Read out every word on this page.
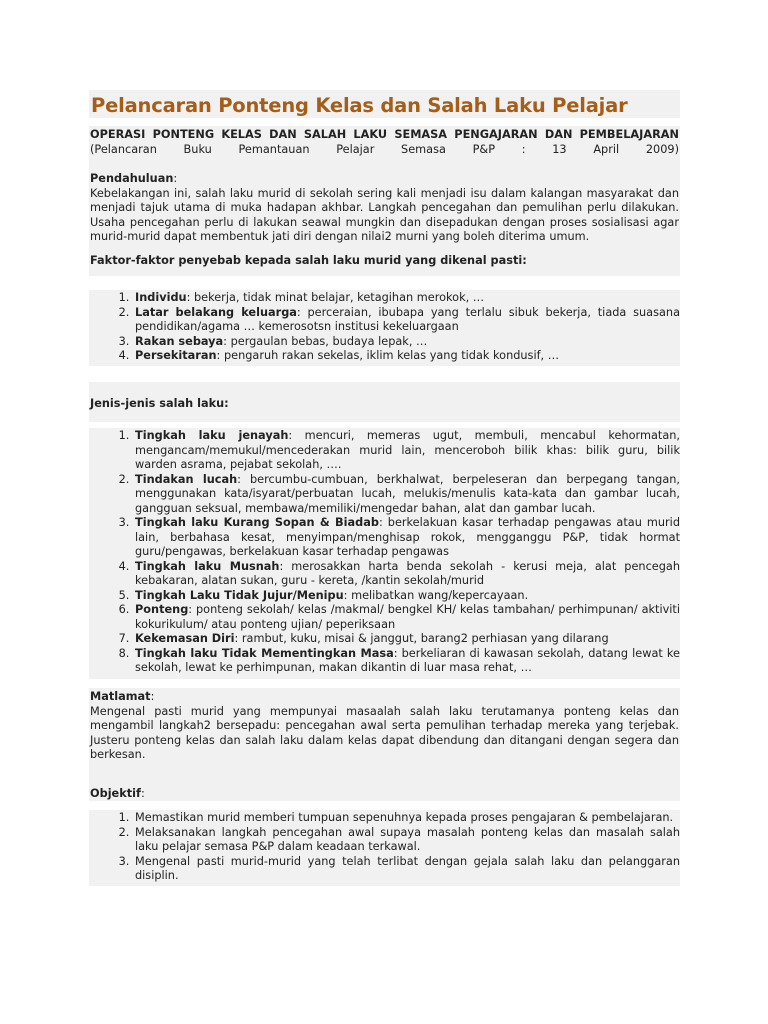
Pelancaran Ponteng Kelas dan Salah Laku Pelajar
OPERASI PONTENG KELAS DAN SALAH LAKU SEMASA PENGAJARAN DAN PEMBELAJARAN
(Pelancaran Buku Pemantauan Pelajar Semasa P&P : 13 April 2009)
Pendahuluan:

Kebelakangan ini, salah laku murid di sekolah sering kali menjadi isu dalam kalangan masyarakat dan menjadi tajuk utama di muka hadapan akhbar. Langkah pencegahan dan pemulihan perlu dilakukan. Usaha pencegahan perlu di lakukan seawal mungkin dan disepadukan dengan proses sosialisasi agar murid-murid dapat membentuk jati diri dengan nilai2 murni yang boleh diterima umum.

Faktor-faktor penyebab kepada salah laku murid yang dikenal pasti:
1. Individu: bekerja, tidak minat belajar, ketagihan merokok, …
2. Latar belakang keluarga: perceraian, ibubapa yang terlalu sibuk bekerja, tiada suasana pendidikan/agama … kemerosotsn institusi kekeluargaan
3. Rakan sebaya: pergaulan bebas, budaya lepak, …
4. Persekitaran: pengaruh rakan sekelas, iklim kelas yang tidak kondusif, …
Jenis-jenis salah laku:
1. Tingkah laku jenayah: mencuri, memeras ugut, membuli, mencabul kehormatan, mengancam/memukul/mencederakan murid lain, menceroboh bilik khas: bilik guru, bilik warden asrama, pejabat sekolah, ….
2. Tindakan lucah: bercumbu-cumbuan, berkhalwat, berpeleseran dan berpegang tangan, menggunakan kata/isyarat/perbuatan lucah, melukis/menulis kata-kata dan gambar lucah, gangguan seksual, membawa/memiliki/mengedar bahan, alat dan gambar lucah.
3. Tingkah laku Kurang Sopan & Biadab: berkelakuan kasar terhadap pengawas atau murid lain, berbahasa kesat, menyimpan/menghisap rokok, mengganggu P&P, tidak hormat guru/pengawas, berkelakuan kasar terhadap pengawas
4. Tingkah laku Musnah: merosakkan harta benda sekolah - kerusi meja, alat pencegah kebakaran, alatan sukan, guru - kereta, /kantin sekolah/murid
5. Tingkah Laku Tidak Jujur/Menipu: melibatkan wang/kepercayaan.
6. Ponteng: ponteng sekolah/ kelas /makmal/ bengkel KH/ kelas tambahan/ perhimpunan/ aktiviti kokurikulum/ atau ponteng ujian/ peperiksaan
7. Kekemasan Diri: rambut, kuku, misai & janggut, barang2 perhiasan yang dilarang
8. Tingkah laku Tidak Mementingkan Masa: berkeliaran di kawasan sekolah, datang lewat ke sekolah, lewat ke perhimpunan, makan dikantin di luar masa rehat, …
Matlamat:

Mengenal pasti murid yang mempunyai masaalah salah laku terutamanya ponteng kelas dan mengambil langkah2 bersepadu: pencegahan awal serta pemulihan terhadap mereka yang terjebak. Justeru ponteng kelas dan salah laku dalam kelas dapat dibendung dan ditangani dengan segera dan berkesan.

Objektif:
1. Memastikan murid memberi tumpuan sepenuhnya kepada proses pengajaran & pembelajaran.
2. Melaksanakan langkah pencegahan awal supaya masalah ponteng kelas dan masalah salah laku pelajar semasa P&P dalam keadaan terkawal.
3. Mengenal pasti murid-murid yang telah terlibat dengan gejala salah laku dan pelanggaran disiplin.
